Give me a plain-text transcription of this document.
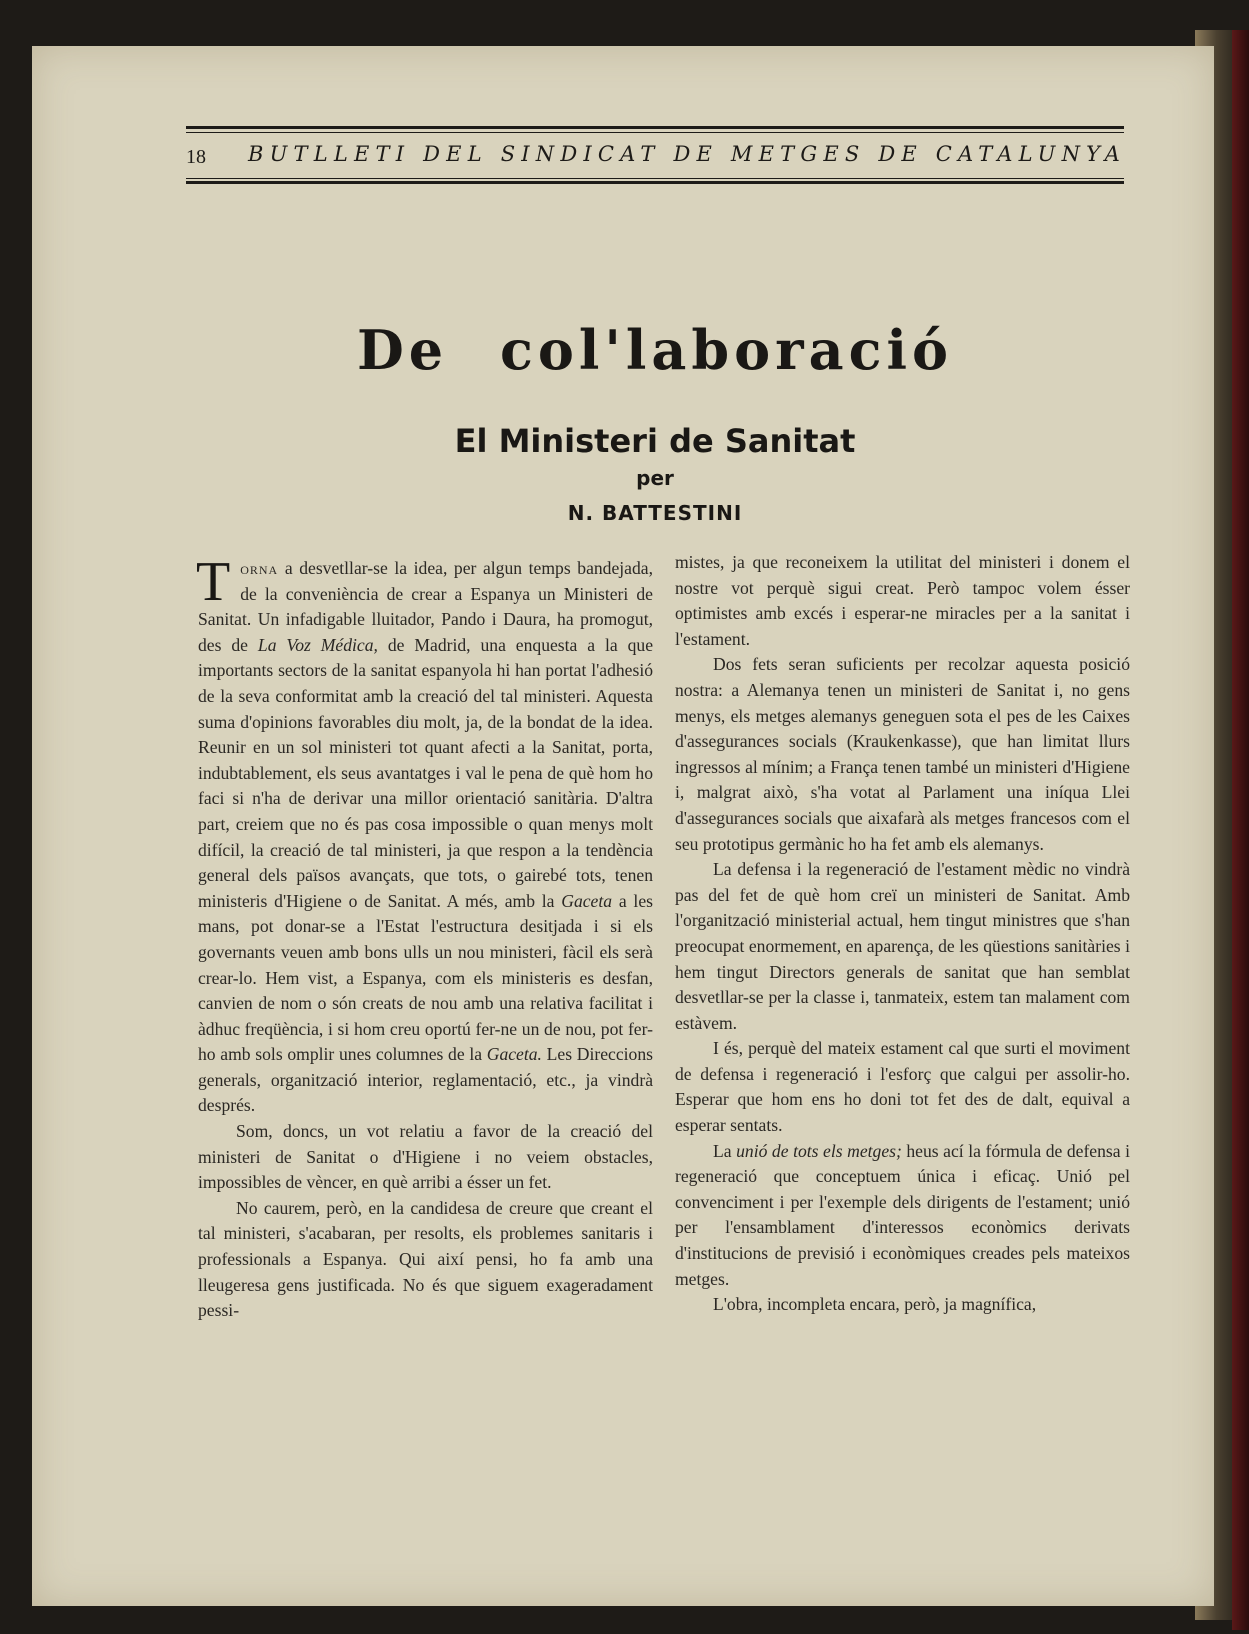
18 BUTLLETI DEL SINDICAT DE METGES DE CATALUNYA
De col'laboració
El Ministeri de Sanitat
per
N. BATTESTINI

Torna a desvetllar-se la idea, per algun temps bandejada, de la conveniència de crear a Espanya un Ministeri de Sanitat. Un infadigable lluitador, Pando i Daura, ha promogut, des de La Voz Médica, de Madrid, una enquesta a la que importants sectors de la sanitat espanyola hi han portat l'adhesió de la seva conformitat amb la creació del tal ministeri. Aquesta suma d'opinions favorables diu molt, ja, de la bondat de la idea. Reunir en un sol ministeri tot quant afecti a la Sanitat, porta, indubtablement, els seus avantatges i val le pena de què hom ho faci si n'ha de derivar una millor orientació sanitària. D'altra part, creiem que no és pas cosa impossible o quan menys molt difícil, la creació de tal ministeri, ja que respon a la tendència general dels països avançats, que tots, o gairebé tots, tenen ministeris d'Higiene o de Sanitat. A més, amb la Gaceta a les mans, pot donar-se a l'Estat l'estructura desitjada i si els governants veuen amb bons ulls un nou ministeri, fàcil els serà crear-lo. Hem vist, a Espanya, com els ministeris es desfan, canvien de nom o són creats de nou amb una relativa facilitat i àdhuc freqüència, i si hom creu oportú fer-ne un de nou, pot fer-ho amb sols omplir unes columnes de la Gaceta. Les Direccions generals, organització interior, reglamentació, etc., ja vindrà després.

Som, doncs, un vot relatiu a favor de la creació del ministeri de Sanitat o d'Higiene i no veiem obstacles, impossibles de vèncer, en què arribi a ésser un fet.

No caurem, però, en la candidesa de creure que creant el tal ministeri, s'acabaran, per resolts, els problemes sanitaris i professionals a Espanya. Qui així pensi, ho fa amb una lleugeresa gens justificada. No és que siguem exageradament pessi-

mistes, ja que reconeixem la utilitat del ministeri i donem el nostre vot perquè sigui creat. Però tampoc volem ésser optimistes amb excés i esperar-ne miracles per a la sanitat i l'estament.

Dos fets seran suficients per recolzar aquesta posició nostra: a Alemanya tenen un ministeri de Sanitat i, no gens menys, els metges alemanys geneguen sota el pes de les Caixes d'assegurances socials (Kraukenkasse), que han limitat llurs ingressos al mínim; a França tenen també un ministeri d'Higiene i, malgrat això, s'ha votat al Parlament una iníqua Llei d'assegurances socials que aixafarà als metges francesos com el seu prototipus germànic ho ha fet amb els alemanys.

La defensa i la regeneració de l'estament mèdic no vindrà pas del fet de què hom creï un ministeri de Sanitat. Amb l'organització ministerial actual, hem tingut ministres que s'han preocupat enormement, en aparença, de les qüestions sanitàries i hem tingut Directors generals de sanitat que han semblat desvetllar-se per la classe i, tanmateix, estem tan malament com estàvem.

I és, perquè del mateix estament cal que surti el moviment de defensa i regeneració i l'esforç que calgui per assolir-ho. Esperar que hom ens ho doni tot fet des de dalt, equival a esperar sentats.

La unió de tots els metges; heus ací la fórmula de defensa i regeneració que conceptuem única i eficaç. Unió pel convenciment i per l'exemple dels dirigents de l'estament; unió per l'ensamblament d'interessos econòmics derivats d'institucions de previsió i econòmiques creades pels mateixos metges.

L'obra, incompleta encara, però, ja magnífica,
